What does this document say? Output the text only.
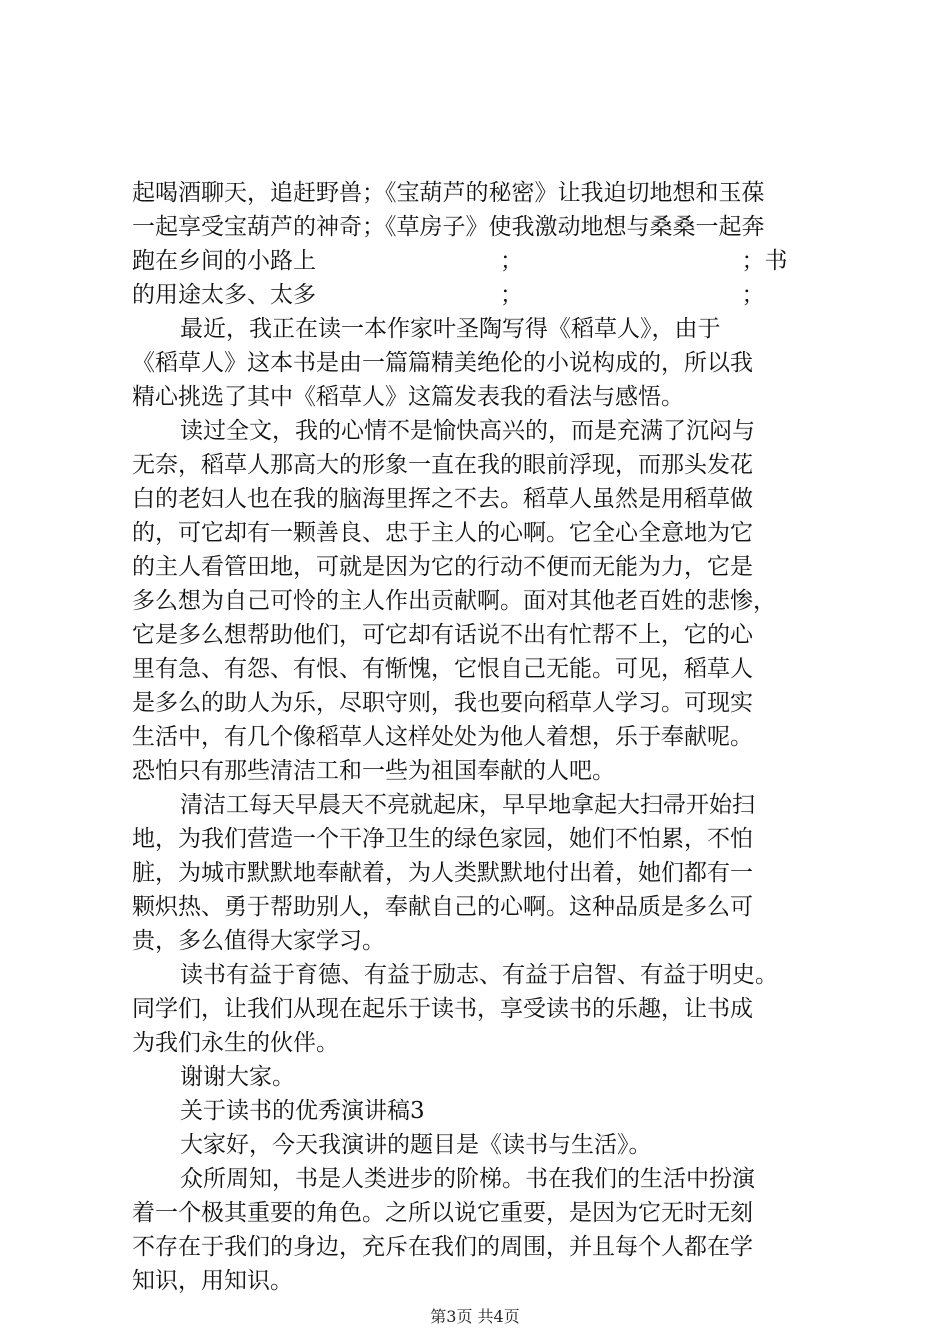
起喝酒聊天，追赶野兽；《宝葫芦的秘密》让我迫切地想和玉葆
一起享受宝葫芦的神奇；《草房子》使我激动地想与桑桑一起奔
跑在乡间的小路上　　　　　　　　；　　　　　　　　　　；书
的用途太多、太多　　　　　　　　；　　　　　　　　　　；
最近，我正在读一本作家叶圣陶写得《稻草人》，由于
《稻草人》这本书是由一篇篇精美绝伦的小说构成的，所以我
精心挑选了其中《稻草人》这篇发表我的看法与感悟。
读过全文，我的心情不是愉快高兴的，而是充满了沉闷与
无奈，稻草人那高大的形象一直在我的眼前浮现，而那头发花
白的老妇人也在我的脑海里挥之不去。稻草人虽然是用稻草做
的，可它却有一颗善良、忠于主人的心啊。它全心全意地为它
的主人看管田地，可就是因为它的行动不便而无能为力，它是
多么想为自己可怜的主人作出贡献啊。面对其他老百姓的悲惨，
它是多么想帮助他们，可它却有话说不出有忙帮不上，它的心
里有急、有怨、有恨、有惭愧，它恨自己无能。可见，稻草人
是多么的助人为乐，尽职守则，我也要向稻草人学习。可现实
生活中，有几个像稻草人这样处处为他人着想，乐于奉献呢。
恐怕只有那些清洁工和一些为祖国奉献的人吧。
清洁工每天早晨天不亮就起床，早早地拿起大扫帚开始扫
地，为我们营造一个干净卫生的绿色家园，她们不怕累，不怕
脏，为城市默默地奉献着，为人类默默地付出着，她们都有一
颗炽热、勇于帮助别人，奉献自己的心啊。这种品质是多么可
贵，多么值得大家学习。
读书有益于育德、有益于励志、有益于启智、有益于明史。
同学们，让我们从现在起乐于读书，享受读书的乐趣，让书成
为我们永生的伙伴。
谢谢大家。
关于读书的优秀演讲稿3
大家好，今天我演讲的题目是《读书与生活》。
众所周知，书是人类进步的阶梯。书在我们的生活中扮演
着一个极其重要的角色。之所以说它重要，是因为它无时无刻
不存在于我们的身边，充斥在我们的周围，并且每个人都在学
知识，用知识。
第3页 共4页
